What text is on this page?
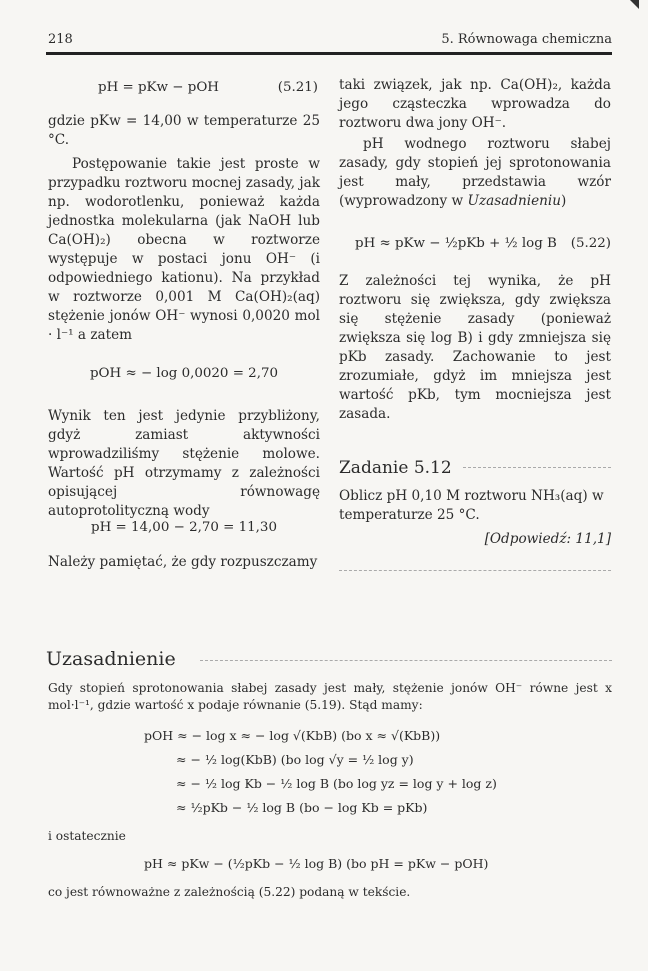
218	5. Równowaga chemiczna
pH = pKw − pOH	(5.21)
gdzie pKw = 14,00 w temperaturze 25 °C.
Postępowanie takie jest proste w przypadku roztworu mocnej zasady, jak np. wodorotlenku, ponieważ każda jednostka molekularna (jak NaOH lub Ca(OH)₂) obecna w roztworze występuje w postaci jonu OH⁻ (i odpowiedniego kationu). Na przykład w roztworze 0,001 M Ca(OH)₂(aq) stężenie jonów OH⁻ wynosi 0,0020 mol · l⁻¹ a zatem
pOH ≈ − log 0,0020 = 2,70
Wynik ten jest jedynie przybliżony, gdyż zamiast aktywności wprowadziliśmy stężenie molowe. Wartość pH otrzymamy z zależności opisującej równowagę autoprotolityczną wody
pH = 14,00 − 2,70 = 11,30
Należy pamiętać, że gdy rozpuszczamy
taki związek, jak np. Ca(OH)₂, każda jego cząsteczka wprowadza do roztworu dwa jony OH⁻.
pH wodnego roztworu słabej zasady, gdy stopień jej sprotonowania jest mały, przedstawia wzór (wyprowadzony w Uzasadnieniu)
pH ≈ pKw − ½pKb + ½ log B (5.22)
Z zależności tej wynika, że pH roztworu się zwiększa, gdy zwiększa się stężenie zasady (ponieważ zwiększa się log B) i gdy zmniejsza się pKb zasady. Zachowanie to jest zrozumiałe, gdyż im mniejsza jest wartość pKb, tym mocniejsza jest zasada.
Zadanie 5.12
Oblicz pH 0,10 M roztworu NH₃(aq) w temperaturze 25 °C.
[Odpowiedź: 11,1]
Uzasadnienie
Gdy stopień sprotonowania słabej zasady jest mały, stężenie jonów OH⁻ równe jest x mol·l⁻¹, gdzie wartość x podaje równanie (5.19). Stąd mamy:
pOH ≈ − log x ≈ − log √(KbB) (bo x ≈ √(KbB))
≈ − ½ log(KbB) (bo log √y = ½ log y)
≈ − ½ log Kb − ½ log B (bo log yz = log y + log z)
≈ ½pKb − ½ log B (bo − log Kb = pKb)
i ostatecznie
pH ≈ pKw − (½pKb − ½ log B) (bo pH = pKw − pOH)
co jest równoważne z zależnością (5.22) podaną w tekście.
